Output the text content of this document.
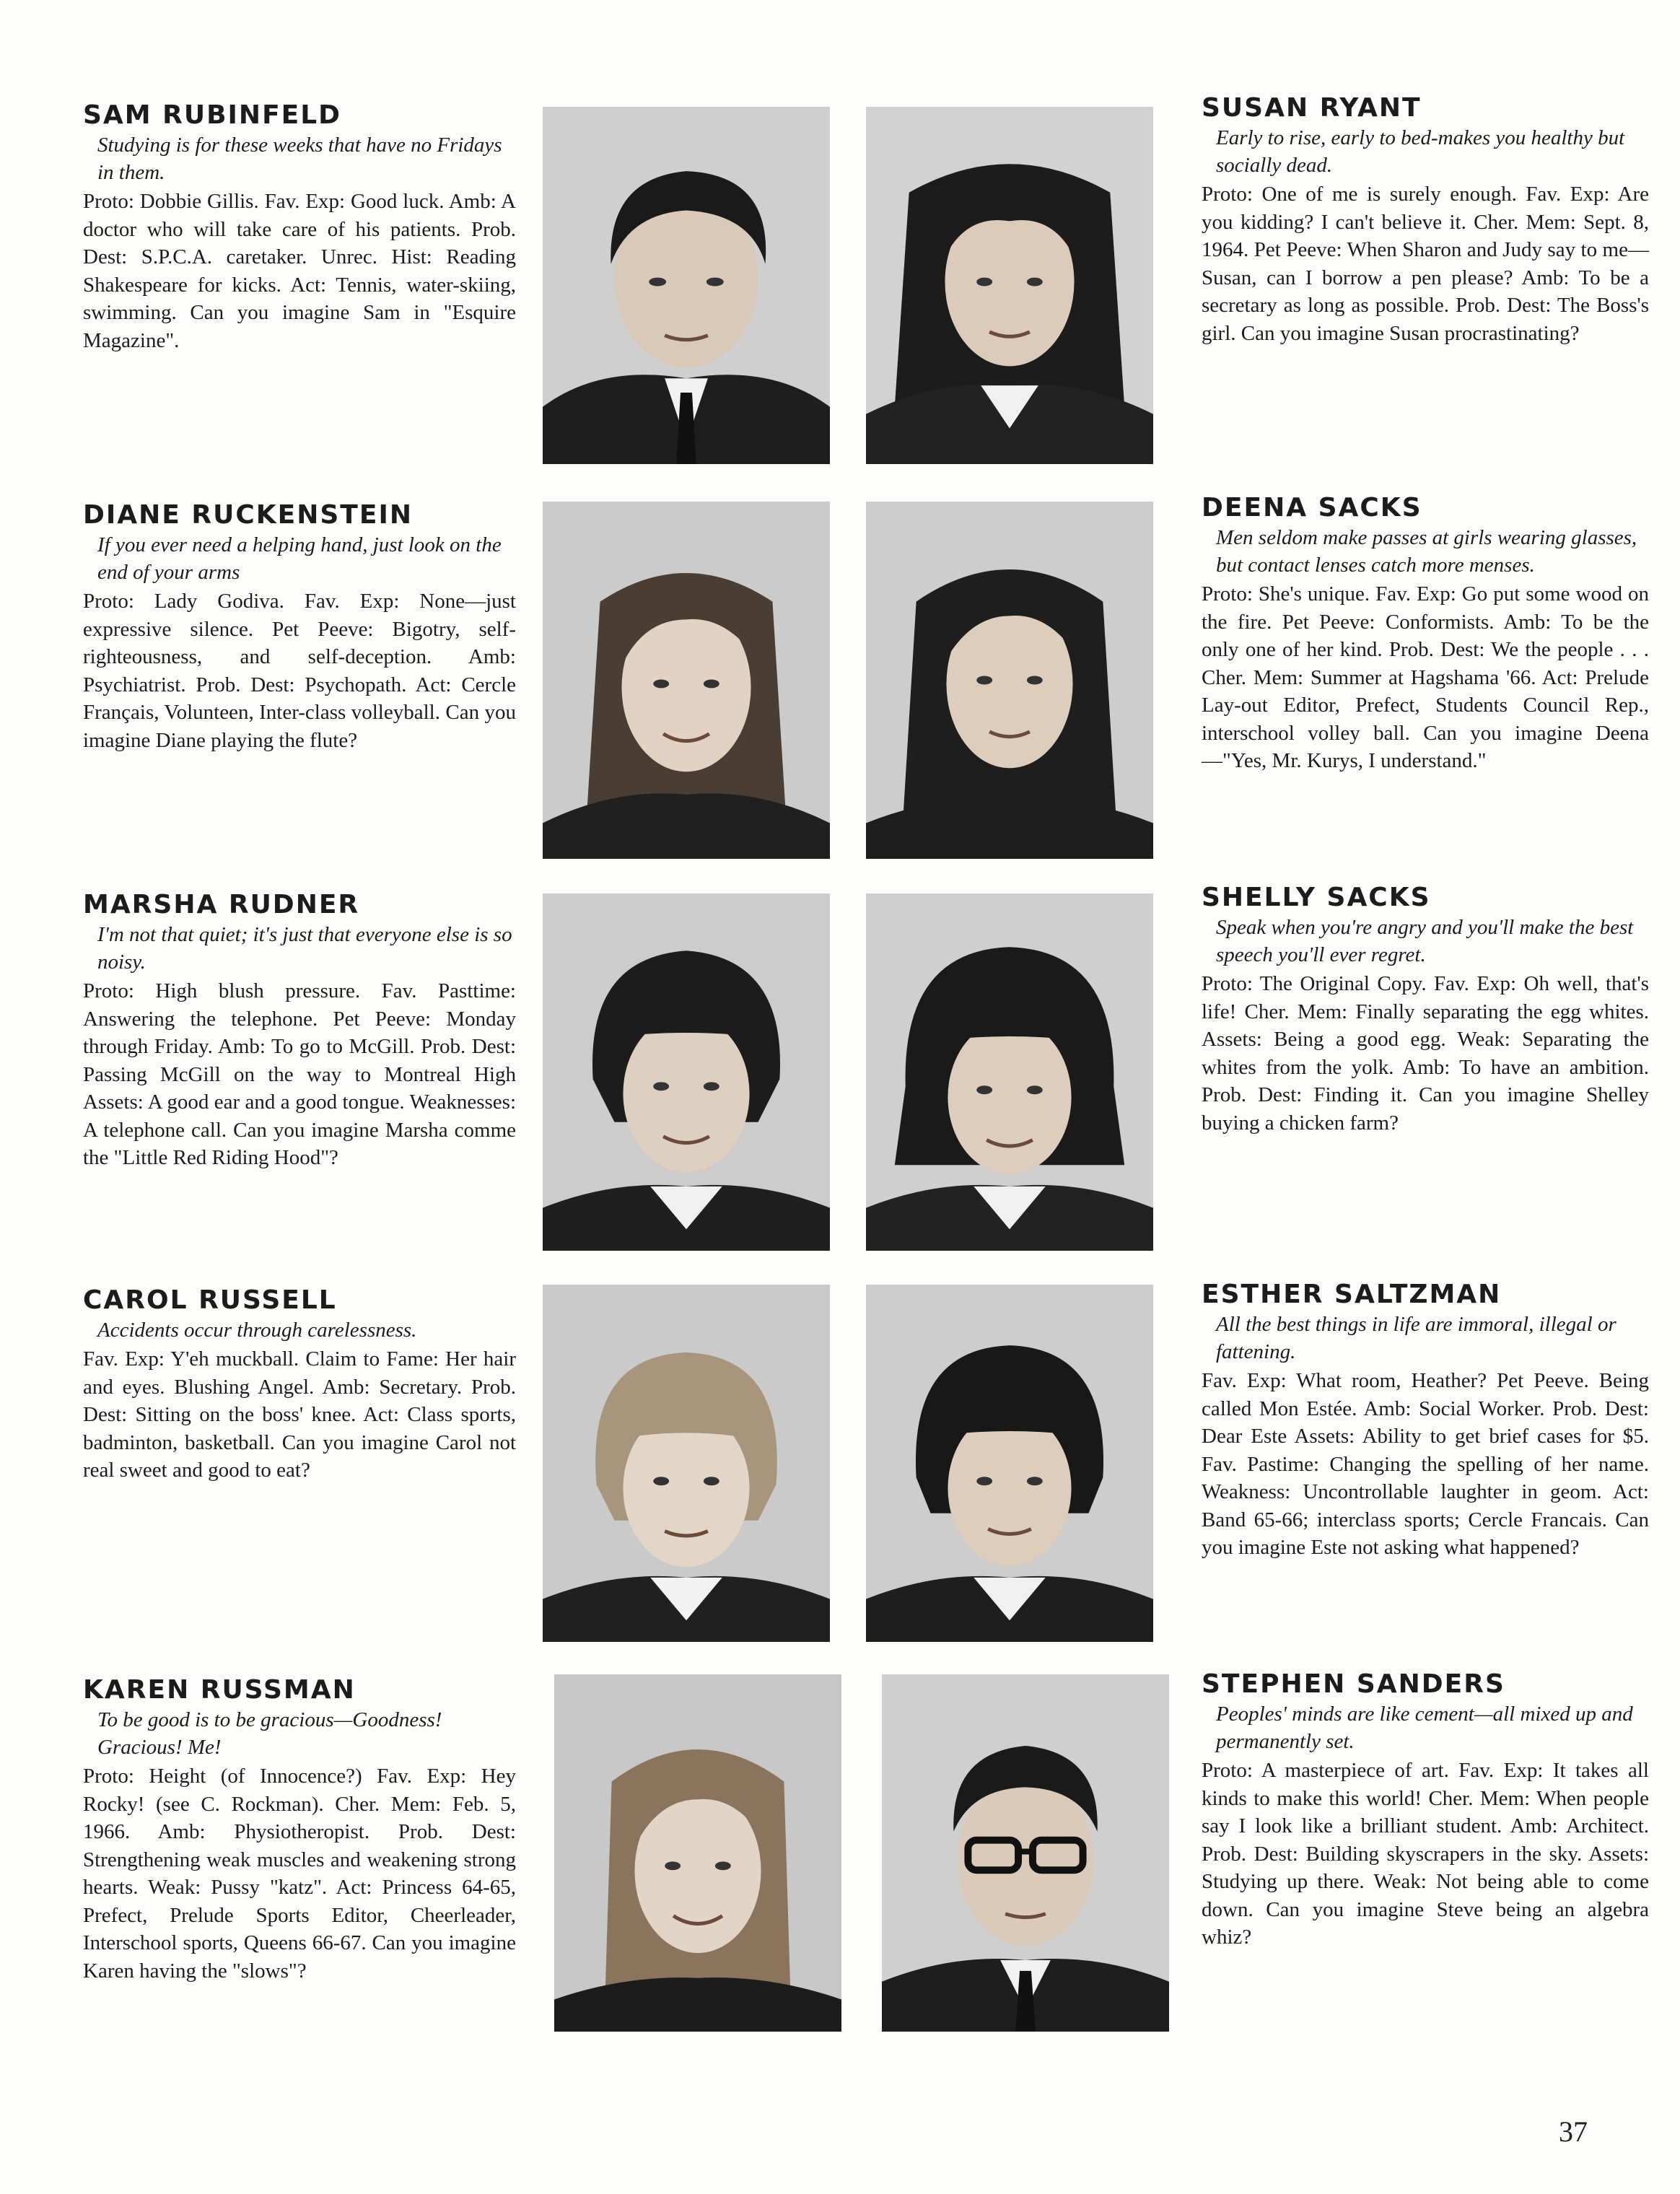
SAM RUBINFELD

Studying is for these weeks that have no Fridays in them.

Proto: Dobbie Gillis. Fav. Exp: Good luck. Amb: A doctor who will take care of his patients. Prob. Dest: S.P.C.A. caretaker. Unrec. Hist: Reading Shakespeare for kicks. Act: Tennis, water-skiing, swimming. Can you imagine Sam in "Esquire Magazine".

DIANE RUCKENSTEIN

If you ever need a helping hand, just look on the end of your arms

Proto: Lady Godiva. Fav. Exp: None—just expressive silence. Pet Peeve: Bigotry, self-righteousness, and self-deception. Amb: Psychiatrist. Prob. Dest: Psychopath. Act: Cercle Français, Volunteen, Inter-class volleyball. Can you imagine Diane playing the flute?

MARSHA RUDNER

I'm not that quiet; it's just that everyone else is so noisy.

Proto: High blush pressure. Fav. Pasttime: Answering the telephone. Pet Peeve: Monday through Friday. Amb: To go to McGill. Prob. Dest: Passing McGill on the way to Montreal High Assets: A good ear and a good tongue. Weaknesses: A telephone call. Can you imagine Marsha comme the "Little Red Riding Hood"?

CAROL RUSSELL

Accidents occur through carelessness.

Fav. Exp: Y'eh muckball. Claim to Fame: Her hair and eyes. Blushing Angel. Amb: Secretary. Prob. Dest: Sitting on the boss' knee. Act: Class sports, badminton, basketball. Can you imagine Carol not real sweet and good to eat?

KAREN RUSSMAN

To be good is to be gracious—Goodness! Gracious! Me!

Proto: Height (of Innocence?) Fav. Exp: Hey Rocky! (see C. Rockman). Cher. Mem: Feb. 5, 1966. Amb: Physiotheropist. Prob. Dest: Strengthening weak muscles and weakening strong hearts. Weak: Pussy "katz". Act: Princess 64-65, Prefect, Prelude Sports Editor, Cheerleader, Interschool sports, Queens 66-67. Can you imagine Karen having the "slows"?

SUSAN RYANT

Early to rise, early to bed-makes you healthy but socially dead.

Proto: One of me is surely enough. Fav. Exp: Are you kidding? I can't believe it. Cher. Mem: Sept. 8, 1964. Pet Peeve: When Sharon and Judy say to me—Susan, can I borrow a pen please? Amb: To be a secretary as long as possible. Prob. Dest: The Boss's girl. Can you imagine Susan procrastinating?

DEENA SACKS

Men seldom make passes at girls wearing glasses, but contact lenses catch more menses.

Proto: She's unique. Fav. Exp: Go put some wood on the fire. Pet Peeve: Conformists. Amb: To be the only one of her kind. Prob. Dest: We the people . . . Cher. Mem: Summer at Hagshama '66. Act: Prelude Lay-out Editor, Prefect, Students Council Rep., interschool volley ball. Can you imagine Deena—"Yes, Mr. Kurys, I understand."

SHELLY SACKS

Speak when you're angry and you'll make the best speech you'll ever regret.

Proto: The Original Copy. Fav. Exp: Oh well, that's life! Cher. Mem: Finally separating the egg whites. Assets: Being a good egg. Weak: Separating the whites from the yolk. Amb: To have an ambition. Prob. Dest: Finding it. Can you imagine Shelley buying a chicken farm?

ESTHER SALTZMAN

All the best things in life are immoral, illegal or fattening.

Fav. Exp: What room, Heather? Pet Peeve. Being called Mon Estée. Amb: Social Worker. Prob. Dest: Dear Este Assets: Ability to get brief cases for $5. Fav. Pastime: Changing the spelling of her name. Weakness: Uncontrollable laughter in geom. Act: Band 65-66; interclass sports; Cercle Francais. Can you imagine Este not asking what happened?

STEPHEN SANDERS

Peoples' minds are like cement—all mixed up and permanently set.

Proto: A masterpiece of art. Fav. Exp: It takes all kinds to make this world! Cher. Mem: When people say I look like a brilliant student. Amb: Architect. Prob. Dest: Building skyscrapers in the sky. Assets: Studying up there. Weak: Not being able to come down. Can you imagine Steve being an algebra whiz?

37
